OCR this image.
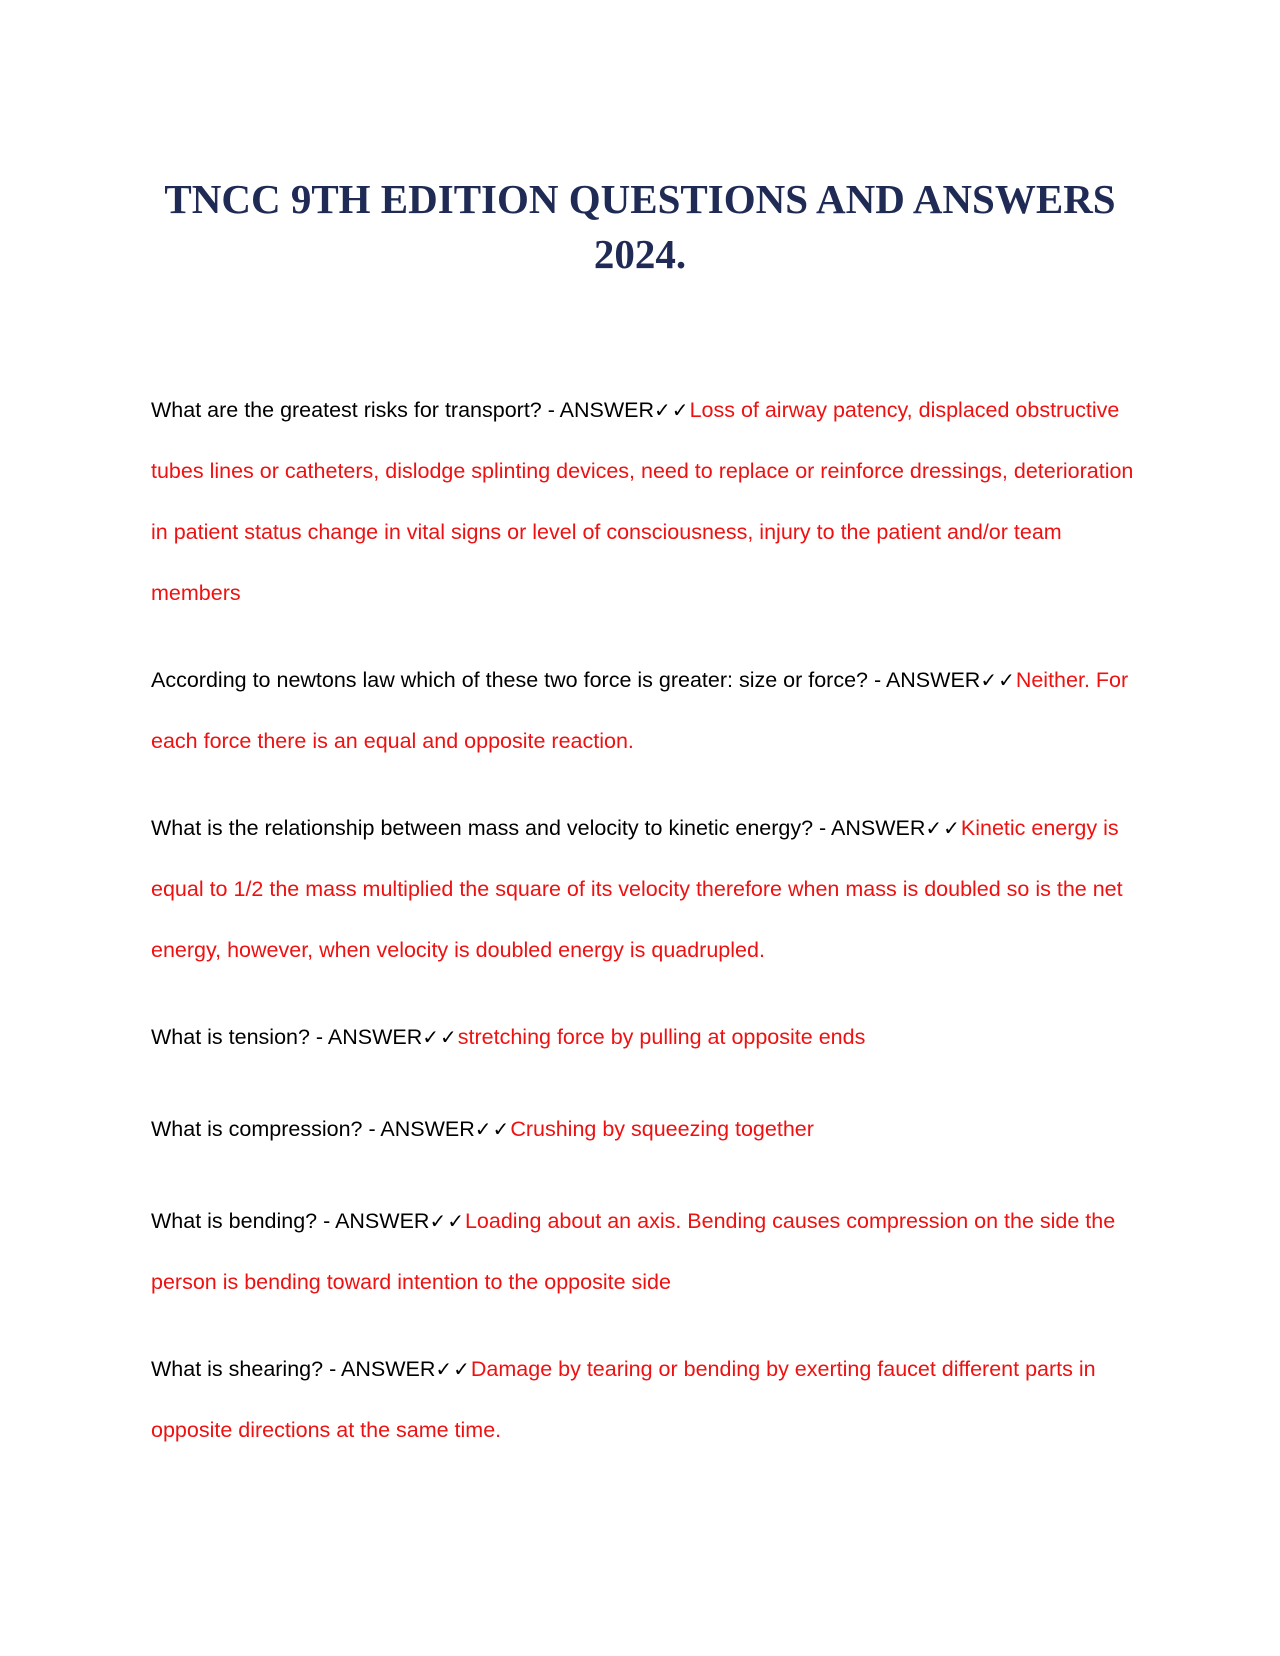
TNCC 9TH EDITION QUESTIONS AND ANSWERS
2024.

What are the greatest risks for transport? - ANSWER✓✓Loss of airway patency, displaced obstructive tubes lines or catheters, dislodge splinting devices, need to replace or reinforce dressings, deterioration in patient status change in vital signs or level of consciousness, injury to the patient and/or team members

According to newtons law which of these two force is greater: size or force? - ANSWER✓✓Neither. For each force there is an equal and opposite reaction.

What is the relationship between mass and velocity to kinetic energy? - ANSWER✓✓Kinetic energy is equal to 1/2 the mass multiplied the square of its velocity therefore when mass is doubled so is the net energy, however, when velocity is doubled energy is quadrupled.

What is tension? - ANSWER✓✓stretching force by pulling at opposite ends

What is compression? - ANSWER✓✓Crushing by squeezing together

What is bending? - ANSWER✓✓Loading about an axis. Bending causes compression on the side the person is bending toward intention to the opposite side

What is shearing? - ANSWER✓✓Damage by tearing or bending by exerting faucet different parts in opposite directions at the same time.
